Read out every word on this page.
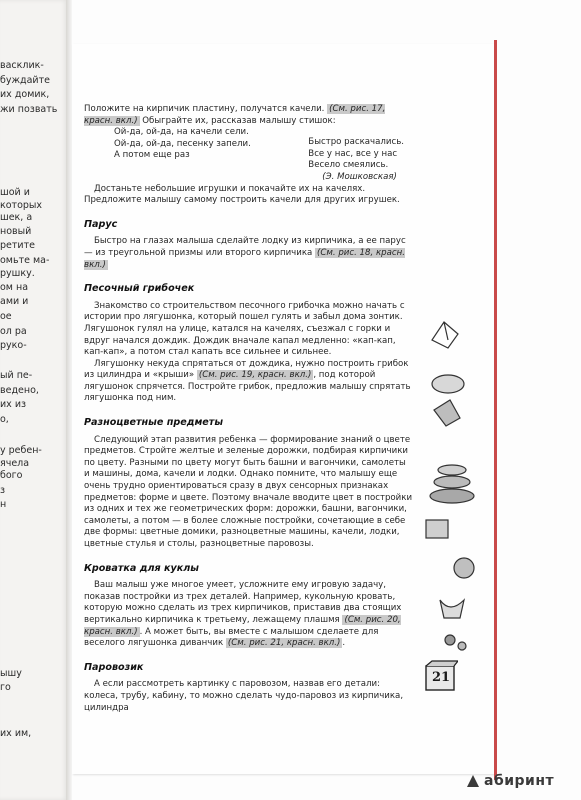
васклик-
буждайте
их домик,
жи позвать
шой и
которых
шек, а
новый
ретите
омьте ма-
рушку.
ом на
ами и
ое
ол ра
руко-
ый пе-
ведено,
их из
о,
у ребен-
ячела
бого
з
н
ышу
го
их им,

Положите на кирпичик пластину, получатся качели. (См. рис. 17, красн. вкл.) Обыграйте их, рассказав малышу стишок:

Ой-да, ой-да, на качели сели.
Ой-да, ой-да, песенку запели.
А потом еще раз
Быстро раскачались.
Все у нас, все у нас
Весело смеялись.
(Э. Мошковская)

Достаньте небольшие игрушки и покачайте их на качелях. Предложите малышу самому построить качели для других игрушек.

Парус

Быстро на глазах малыша сделайте лодку из кирпичика, а ее парус — из треугольной призмы или второго кирпичика (См. рис. 18, красн. вкл.)

Песочный грибочек

Знакомство со строительством песочного грибочка можно начать с истории про лягушонка, который пошел гулять и забыл дома зонтик. Лягушонок гулял на улице, катался на качелях, съезжал с горки и вдруг начался дождик. Дождик вначале капал медленно: «кап-кап, кап-кап», а потом стал капать все сильнее и сильнее.

Лягушонку некуда спрятаться от дождика, нужно построить грибок из цилиндра и «крыши» (См. рис. 19, красн. вкл.) , под которой лягушонок спрячется. Постройте грибок, предложив малышу спрятать лягушонка под ним.

Разноцветные предметы

Следующий этап развития ребенка — формирование знаний о цвете предметов. Стройте желтые и зеленые дорожки, подбирая кирпичики по цвету. Разными по цвету могут быть башни и вагончики, самолеты и машины, дома, качели и лодки. Однако помните, что малышу еще очень трудно ориентироваться сразу в двух сенсорных признаках предметов: форме и цвете. Поэтому вначале вводите цвет в постройки из одних и тех же геометрических форм: дорожки, башни, вагончики, самолеты, а потом — в более сложные постройки, сочетающие в себе две формы: цветные домики, разноцветные машины, качели, лодки, цветные стулья и столы, разноцветные паровозы.

Кроватка для куклы

Ваш малыш уже многое умеет, усложните ему игровую задачу, показав постройки из трех деталей. Например, кукольную кровать, которую можно сделать из трех кирпичиков, приставив два стоящих вертикально кирпичика к третьему, лежащему плашмя (См. рис. 20, красн. вкл.) . А может быть, вы вместе с малышом сделаете для веселого лягушонка диванчик (См. рис. 21, красн. вкл.) .

Паровозик

А если рассмотреть картинку с паровозом, назвав его детали: колеса, трубу, кабину, то можно сделать чудо-паровоз из кирпичика, цилиндра

21
абиринт
